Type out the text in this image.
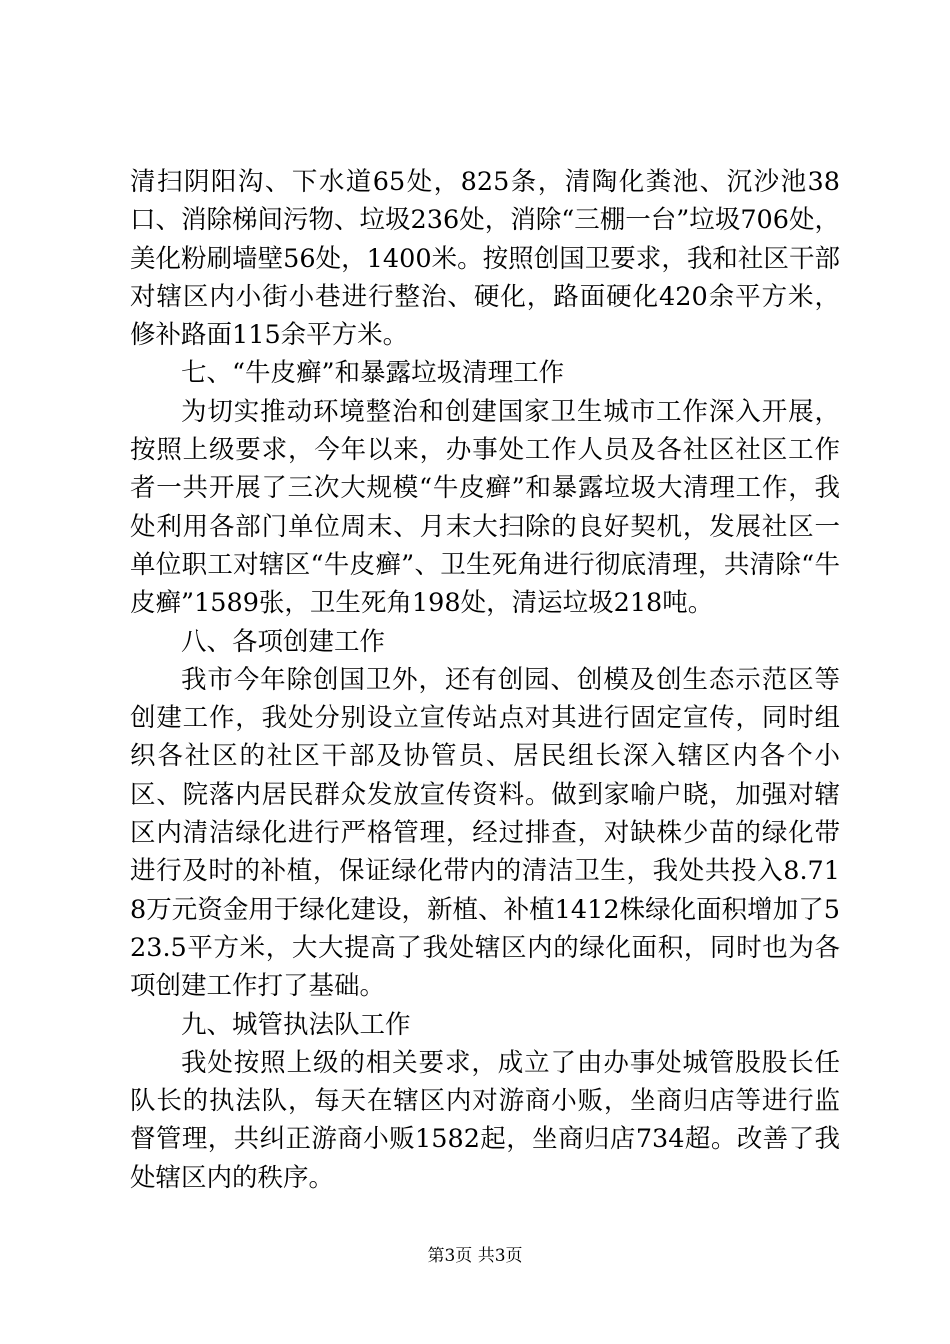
清扫阴阳沟、下水道65处，825条，清陶化粪池、沉沙池38口、消除梯间污物、垃圾236处，消除“三棚一台”垃圾706处，美化粉刷墙壁56处，1400米。按照创国卫要求，我和社区干部对辖区内小街小巷进行整治、硬化，路面硬化420余平方米，修补路面115余平方米。

七、“牛皮癣”和暴露垃圾清理工作

为切实推动环境整治和创建国家卫生城市工作深入开展，按照上级要求，今年以来，办事处工作人员及各社区社区工作者一共开展了三次大规模“牛皮癣”和暴露垃圾大清理工作，我处利用各部门单位周末、月末大扫除的良好契机，发展社区一单位职工对辖区“牛皮癣”、卫生死角进行彻底清理，共清除“牛皮癣”1589张，卫生死角198处，清运垃圾218吨。

八、各项创建工作

我市今年除创国卫外，还有创园、创模及创生态示范区等创建工作，我处分别设立宣传站点对其进行固定宣传，同时组织各社区的社区干部及协管员、居民组长深入辖区内各个小区、院落内居民群众发放宣传资料。做到家喻户晓，加强对辖区内清洁绿化进行严格管理，经过排查，对缺株少苗的绿化带进行及时的补植，保证绿化带内的清洁卫生，我处共投入8.718万元资金用于绿化建设，新植、补植1412株绿化面积增加了523.5平方米，大大提高了我处辖区内的绿化面积，同时也为各项创建工作打了基础。

九、城管执法队工作

我处按照上级的相关要求，成立了由办事处城管股股长任队长的执法队，每天在辖区内对游商小贩，坐商归店等进行监督管理，共纠正游商小贩1582起，坐商归店734超。改善了我处辖区内的秩序。

第3页 共3页
